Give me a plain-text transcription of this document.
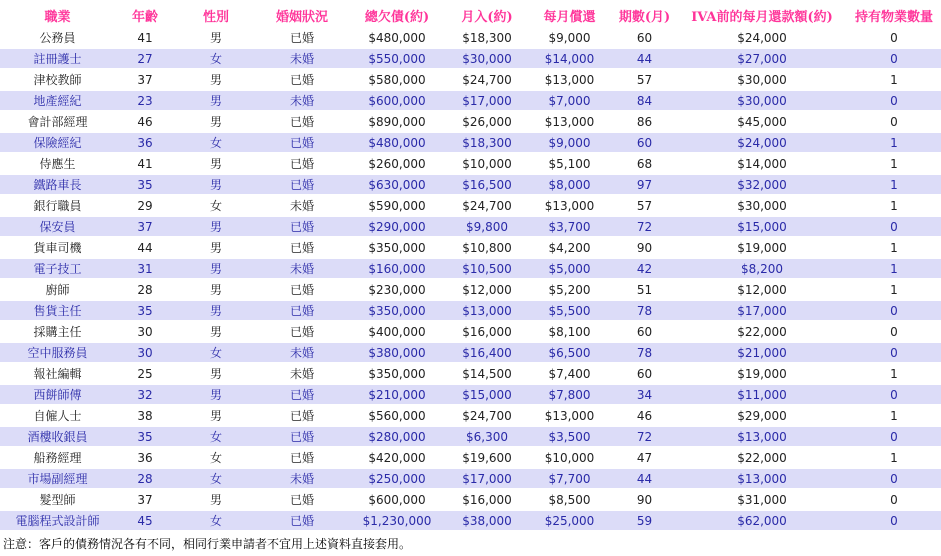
職業	年齡	性別	婚姻狀況	總欠債(約)	月入(約)	每月償還	期數(月)	IVA前的每月還款額(約)	持有物業數量
公務員	41	男	已婚	$480,000	$18,300	$9,000	60	$24,000	0
註冊護士	27	女	未婚	$550,000	$30,000	$14,000	44	$27,000	0
津校教師	37	男	已婚	$580,000	$24,700	$13,000	57	$30,000	1
地產經紀	23	男	未婚	$600,000	$17,000	$7,000	84	$30,000	0
會計部經理	46	男	已婚	$890,000	$26,000	$13,000	86	$45,000	0
保險經紀	36	女	已婚	$480,000	$18,300	$9,000	60	$24,000	1
侍應生	41	男	已婚	$260,000	$10,000	$5,100	68	$14,000	1
鐵路車長	35	男	已婚	$630,000	$16,500	$8,000	97	$32,000	1
銀行職員	29	女	未婚	$590,000	$24,700	$13,000	57	$30,000	1
保安員	37	男	已婚	$290,000	$9,800	$3,700	72	$15,000	0
貨車司機	44	男	已婚	$350,000	$10,800	$4,200	90	$19,000	1
電子技工	31	男	未婚	$160,000	$10,500	$5,000	42	$8,200	1
廚師	28	男	已婚	$230,000	$12,000	$5,200	51	$12,000	1
售貨主任	35	男	已婚	$350,000	$13,000	$5,500	78	$17,000	0
採購主任	30	男	已婚	$400,000	$16,000	$8,100	60	$22,000	0
空中服務員	30	女	未婚	$380,000	$16,400	$6,500	78	$21,000	0
報社編輯	25	男	未婚	$350,000	$14,500	$7,400	60	$19,000	1
西餅師傅	32	男	已婚	$210,000	$15,000	$7,800	34	$11,000	0
自僱人士	38	男	已婚	$560,000	$24,700	$13,000	46	$29,000	1
酒樓收銀員	35	女	已婚	$280,000	$6,300	$3,500	72	$13,000	0
船務經理	36	女	已婚	$420,000	$19,600	$10,000	47	$22,000	1
市場副經理	28	女	未婚	$250,000	$17,000	$7,700	44	$13,000	0
髮型師	37	男	已婚	$600,000	$16,000	$8,500	90	$31,000	0
電腦程式設計師	45	女	已婚	$1,230,000	$38,000	$25,000	59	$62,000	0
注意：客戶的債務情況各有不同，相同行業申請者不宜用上述資料直接套用。
